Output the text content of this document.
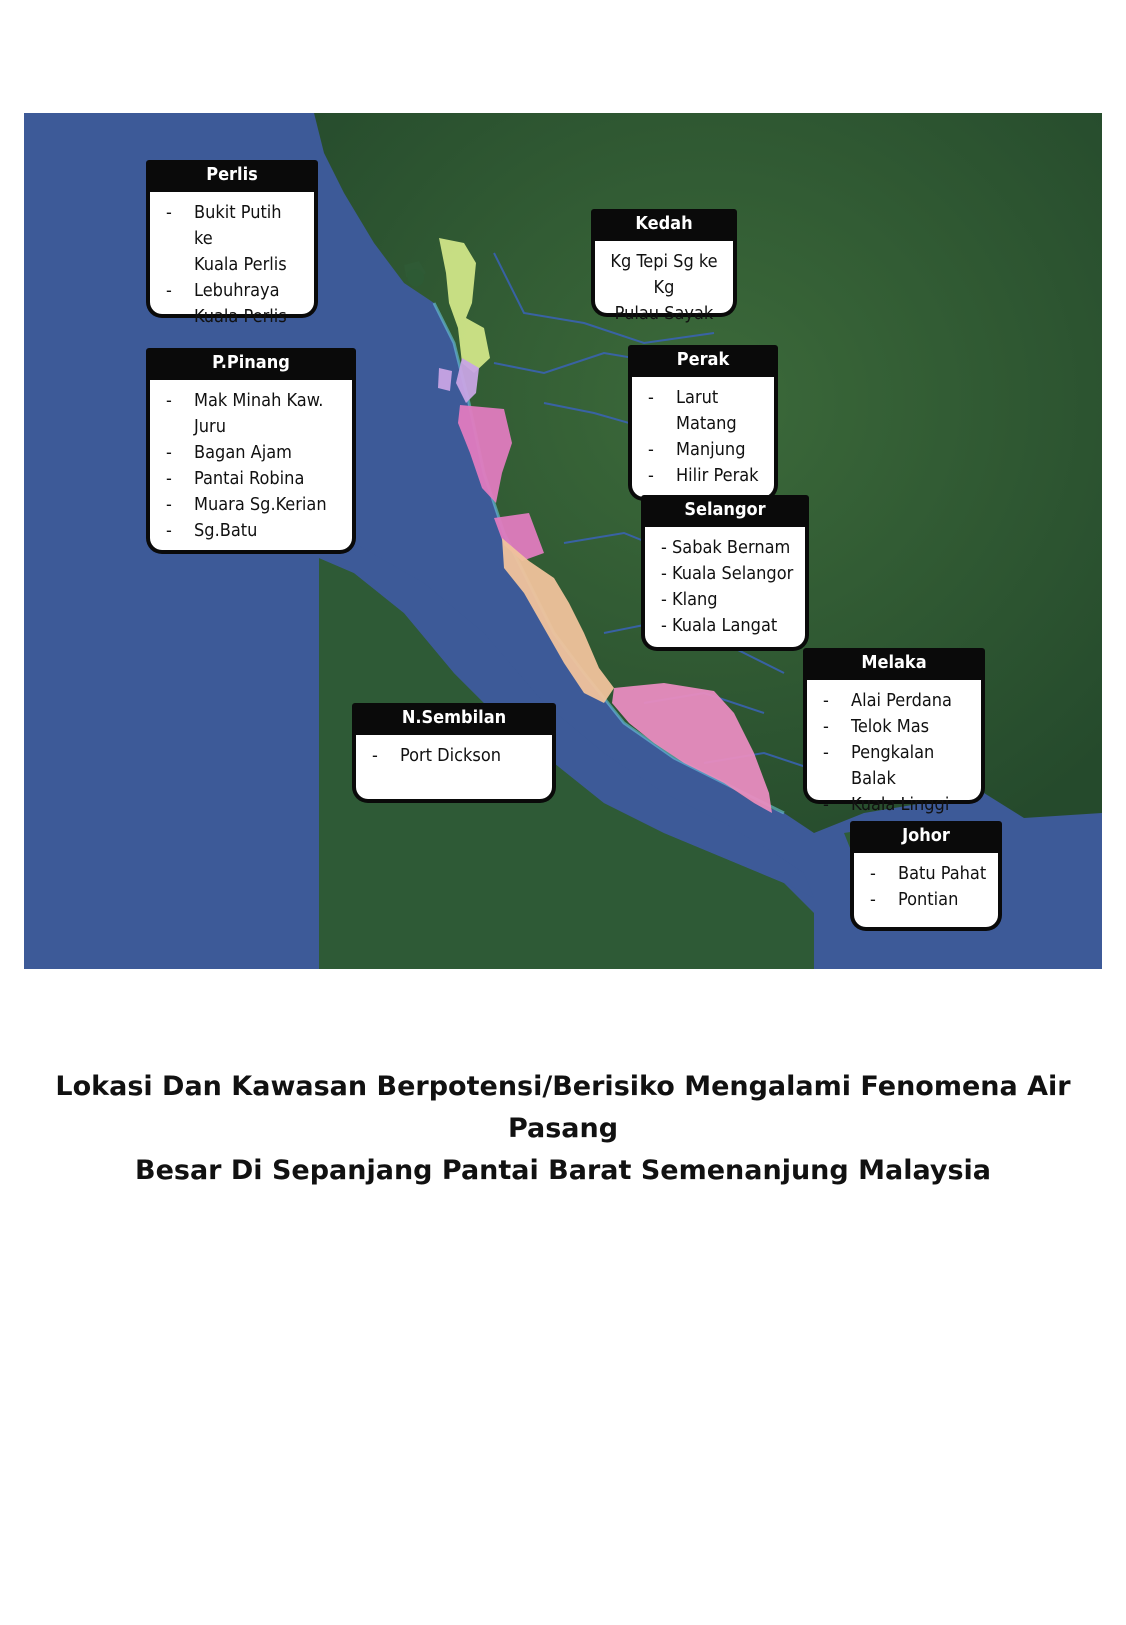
Perlis
- Bukit Putih ke
Kuala Perlis
- Lebuhraya
Kuala Perlis
Kedah
Kg Tepi Sg ke Kg
Pulau Sayak
P.Pinang
- Mak Minah Kaw.
Juru
- Bagan Ajam
- Pantai Robina
- Muara Sg.Kerian
- Sg.Batu
Perak
- Larut
Matang
- Manjung
- Hilir Perak
Selangor
- Sabak Bernam
- Kuala Selangor
- Klang
- Kuala Langat
Melaka
- Alai Perdana
- Telok Mas
- Pengkalan Balak
- Kuala Linggi
N.Sembilan
- Port Dickson
Johor
- Batu Pahat
- Pontian
Lokasi Dan Kawasan Berpotensi/Berisiko Mengalami Fenomena Air Pasang
Besar Di Sepanjang Pantai Barat Semenanjung Malaysia
